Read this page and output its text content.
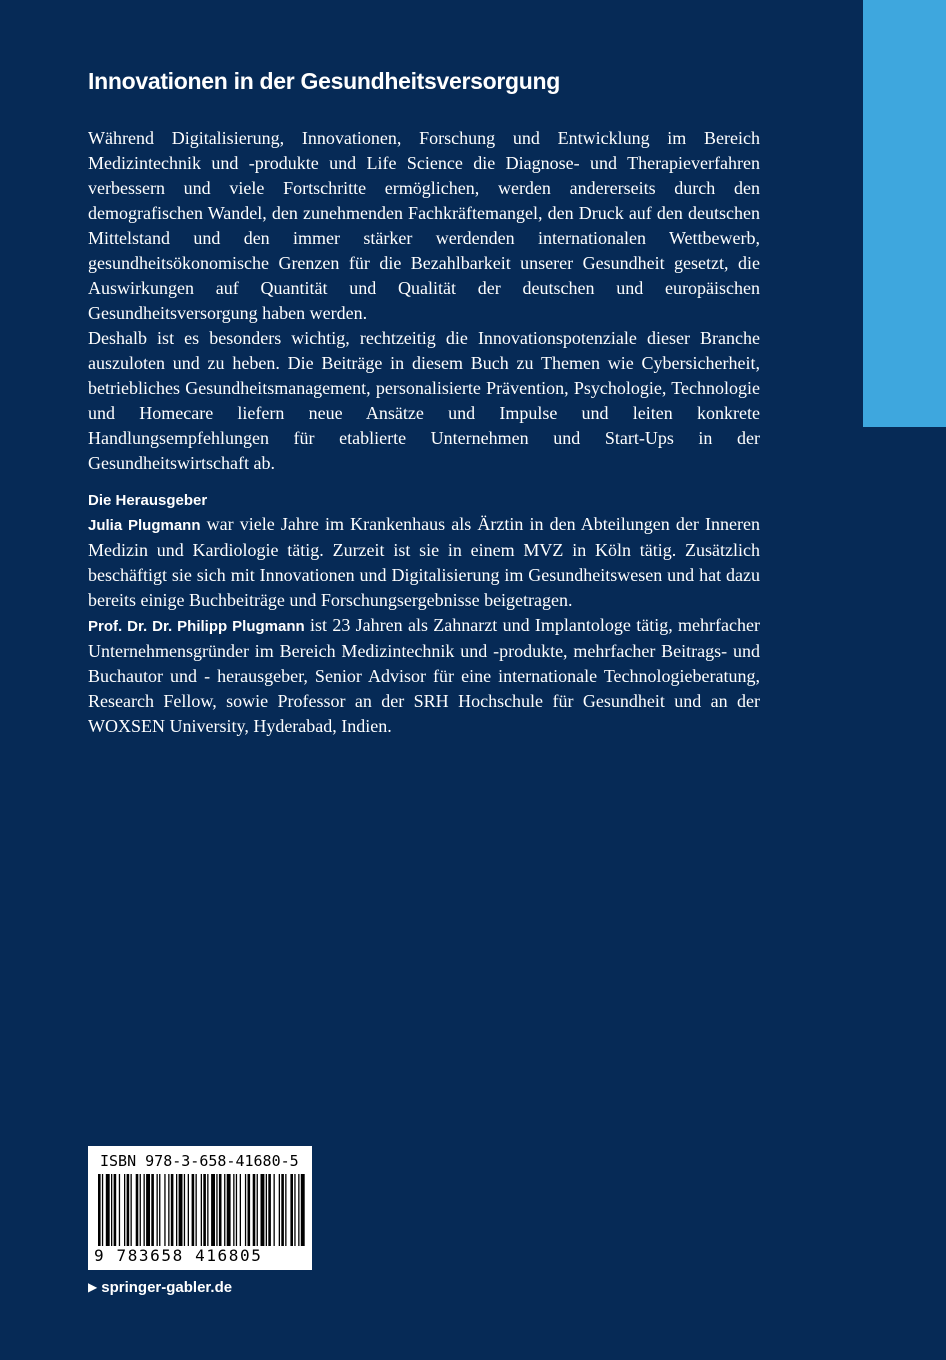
Innovationen in der Gesundheitsversorgung

Während Digitalisierung, Innovationen, Forschung und Entwicklung im Bereich Medizintechnik und -produkte und Life Science die Diagnose- und Therapieverfahren verbessern und viele Fortschritte ermöglichen, werden andererseits durch den demografischen Wandel, den zunehmenden Fachkräftemangel, den Druck auf den deutschen Mittelstand und den immer stärker werdenden internationalen Wettbewerb, gesundheitsökonomische Grenzen für die Bezahlbarkeit unserer Gesundheit gesetzt, die Auswirkungen auf Quantität und Qualität der deutschen und europäischen Gesundheitsversorgung haben werden.

Deshalb ist es besonders wichtig, rechtzeitig die Innovationspotenziale dieser Branche auszuloten und zu heben. Die Beiträge in diesem Buch zu Themen wie Cybersicherheit, betriebliches Gesundheitsmanagement, personalisierte Prävention, Psychologie, Technologie und Homecare liefern neue Ansätze und Impulse und leiten konkrete Handlungsempfehlungen für etablierte Unternehmen und Start-Ups in der Gesundheitswirtschaft ab.

Die Herausgeber

Julia Plugmann war viele Jahre im Krankenhaus als Ärztin in den Abteilungen der Inneren Medizin und Kardiologie tätig. Zurzeit ist sie in einem MVZ in Köln tätig. Zusätzlich beschäftigt sie sich mit Innovationen und Digitalisierung im Gesundheitswesen und hat dazu bereits einige Buchbeiträge und Forschungsergebnisse beigetragen.

Prof. Dr. Dr. Philipp Plugmann ist 23 Jahren als Zahnarzt und Implantologe tätig, mehrfacher Unternehmensgründer im Bereich Medizintechnik und -produkte, mehrfacher Beitrags- und Buchautor und - herausgeber, Senior Advisor für eine internationale Technologieberatung, Research Fellow, sowie Professor an der SRH Hochschule für Gesundheit und an der WOXSEN University, Hyderabad, Indien.

ISBN 978-3-658-41680-5
9 783658 416805
▶ springer-gabler.de
